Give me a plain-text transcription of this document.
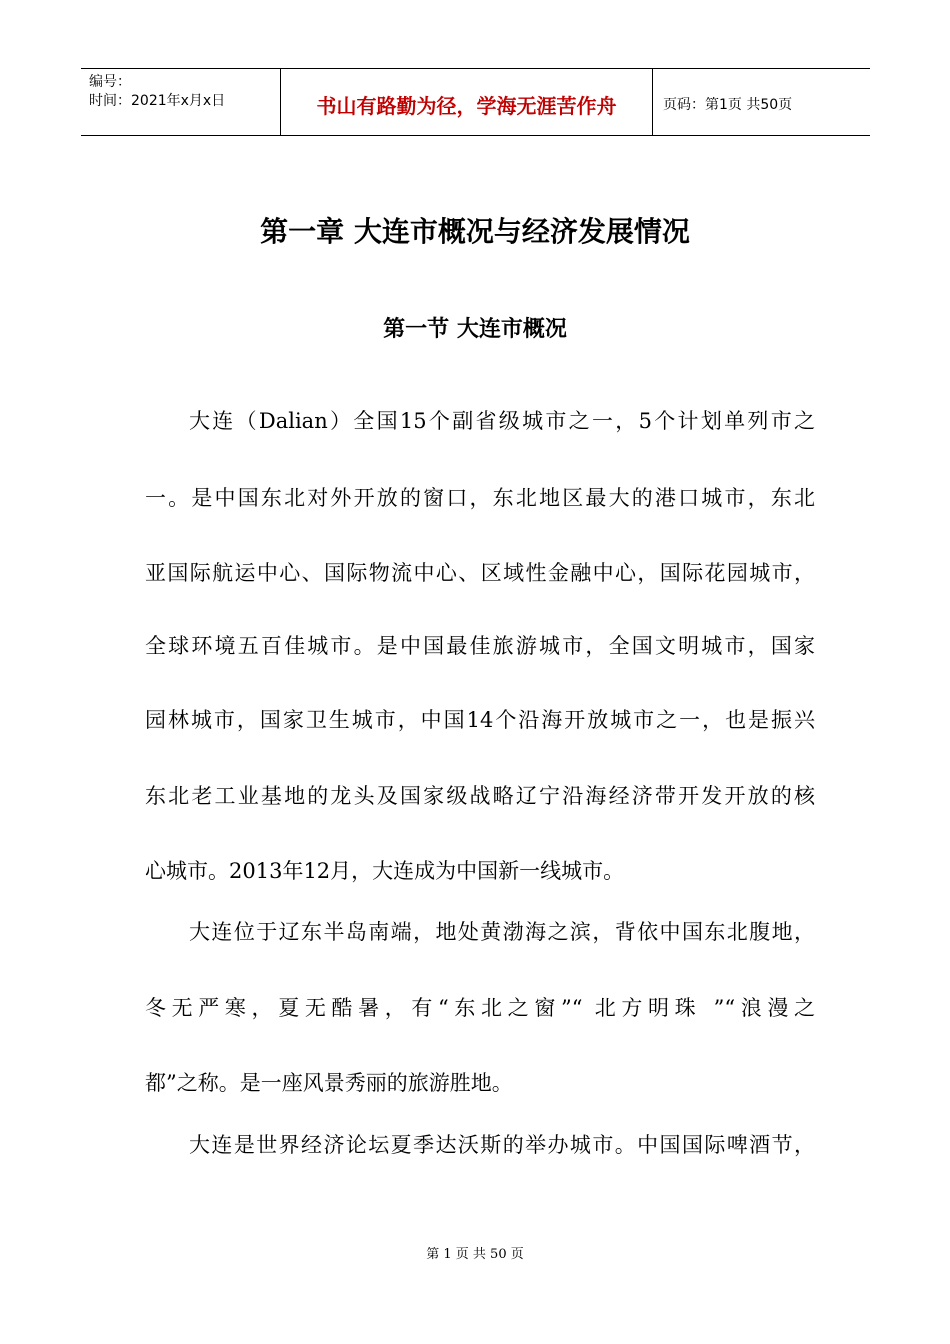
编号：
时间：2021年x月x日	书山有路勤为径，学海无涯苦作舟	页码：第1页 共50页
第一章 大连市概况与经济发展情况
第一节 大连市概况
大连（Dalian）全国15个副省级城市之一，5个计划单列市之
一。是中国东北对外开放的窗口，东北地区最大的港口城市，东北
亚国际航运中心、国际物流中心、区域性金融中心，国际花园城市，
全球环境五百佳城市。是中国最佳旅游城市，全国文明城市，国家
园林城市，国家卫生城市，中国14个沿海开放城市之一，也是振兴
东北老工业基地的龙头及国家级战略辽宁沿海经济带开发开放的核
心城市。2013年12月，大连成为中国新一线城市。
大连位于辽东半岛南端，地处黄渤海之滨，背依中国东北腹地，
冬无严寒，夏无酷暑，有“东北之窗”“ 北方明珠 ”“浪漫之
都”之称。是一座风景秀丽的旅游胜地。
大连是世界经济论坛夏季达沃斯的举办城市。中国国际啤酒节，
第 1 页 共 50 页
